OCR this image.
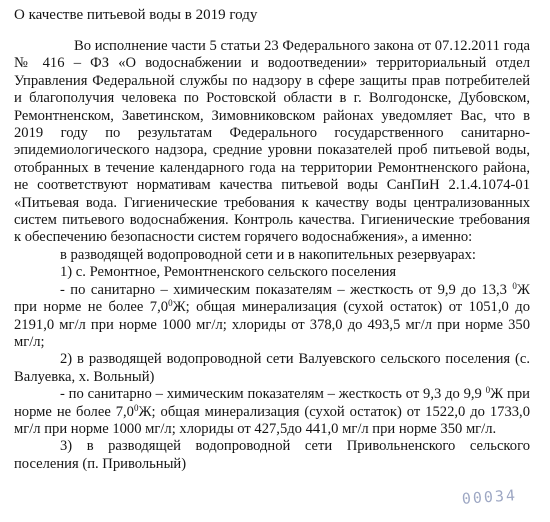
О качестве питьевой воды в 2019 году

Во исполнение части 5 статьи 23 Федерального закона от 07.12.2011 года № 416 – ФЗ «О водоснабжении и водоотведении» территориальный отдел Управления Федеральной службы по надзору в сфере защиты прав потребителей и благополучия человека по Ростовской области в г. Волгодонске, Дубовском, Ремонтненском, Заветинском, Зимовниковском районах уведомляет Вас, что в 2019 году по результатам Федерального государственного санитарно-эпидемиологического надзора, средние уровни показателей проб питьевой воды, отобранных в течение календарного года на территории Ремонтненского района, не соответствуют нормативам качества питьевой воды СанПиН 2.1.4.1074-01 «Питьевая вода. Гигиенические требования к качеству воды централизованных систем питьевого водоснабжения. Контроль качества. Гигиенические требования к обеспечению безопасности систем горячего водоснабжения», а именно:

в разводящей водопроводной сети и в накопительных резервуарах:

1) с. Ремонтное, Ремонтненского сельского поселения

- по санитарно – химическим показателям – жесткость от 9,9 до 13,3 $^0$Ж при норме не более $7,0^0Ж$; общая минерализация (сухой остаток) от 1051,0 до 2191,0 мг/л при норме 1000 мг/л; хлориды от 378,0 до 493,5 мг/л при норме 350 мг/л;

2) в разводящей водопроводной сети Валуевского сельского поселения (с. Валуевка, х. Вольный)

- по санитарно – химическим показателям – жесткость от 9,3 до 9,9 $^0$Ж при норме не более $7,0^0Ж$; общая минерализация (сухой остаток) от 1522,0 до 1733,0 мг/л при норме 1000 мг/л; хлориды от 427,5до 441,0 мг/л при норме 350 мг/л.

3) в разводящей водопроводной сети Привольненского сельского поселения (п. Привольный)

00034
